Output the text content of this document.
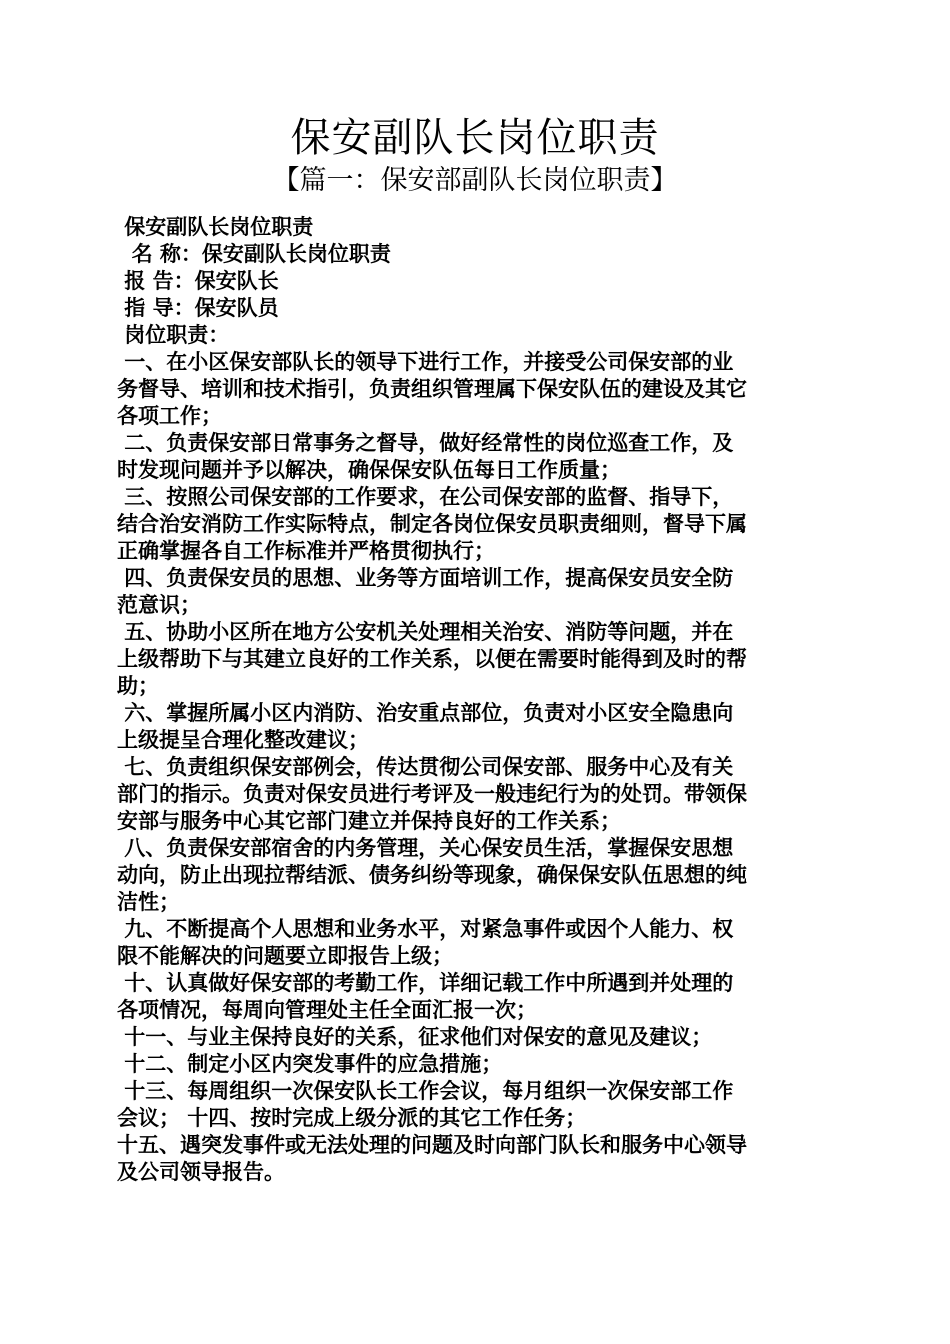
保安副队长岗位职责
【篇一：保安部副队长岗位职责】
保安副队长岗位职责
名 称：保安副队长岗位职责
报 告：保安队长
指 导：保安队员
岗位职责：
一、在小区保安部队长的领导下进行工作，并接受公司保安部的业
务督导、培训和技术指引，负责组织管理属下保安队伍的建设及其它
各项工作；
二、负责保安部日常事务之督导，做好经常性的岗位巡查工作，及
时发现问题并予以解决，确保保安队伍每日工作质量；
三、按照公司保安部的工作要求，在公司保安部的监督、指导下，
结合治安消防工作实际特点，制定各岗位保安员职责细则，督导下属
正确掌握各自工作标准并严格贯彻执行；
四、负责保安员的思想、业务等方面培训工作，提高保安员安全防
范意识；
五、协助小区所在地方公安机关处理相关治安、消防等问题，并在
上级帮助下与其建立良好的工作关系，以便在需要时能得到及时的帮
助；
六、掌握所属小区内消防、治安重点部位，负责对小区安全隐患向
上级提呈合理化整改建议；
七、负责组织保安部例会，传达贯彻公司保安部、服务中心及有关
部门的指示。负责对保安员进行考评及一般违纪行为的处罚。带领保
安部与服务中心其它部门建立并保持良好的工作关系；
八、负责保安部宿舍的内务管理，关心保安员生活，掌握保安思想
动向，防止出现拉帮结派、债务纠纷等现象，确保保安队伍思想的纯
洁性；
九、不断提高个人思想和业务水平，对紧急事件或因个人能力、权
限不能解决的问题要立即报告上级；
十、认真做好保安部的考勤工作，详细记载工作中所遇到并处理的
各项情况，每周向管理处主任全面汇报一次；
十一、与业主保持良好的关系，征求他们对保安的意见及建议；
十二、制定小区内突发事件的应急措施；
十三、每周组织一次保安队长工作会议，每月组织一次保安部工作
会议； 十四、按时完成上级分派的其它工作任务；
十五、遇突发事件或无法处理的问题及时向部门队长和服务中心领导
及公司领导报告。
